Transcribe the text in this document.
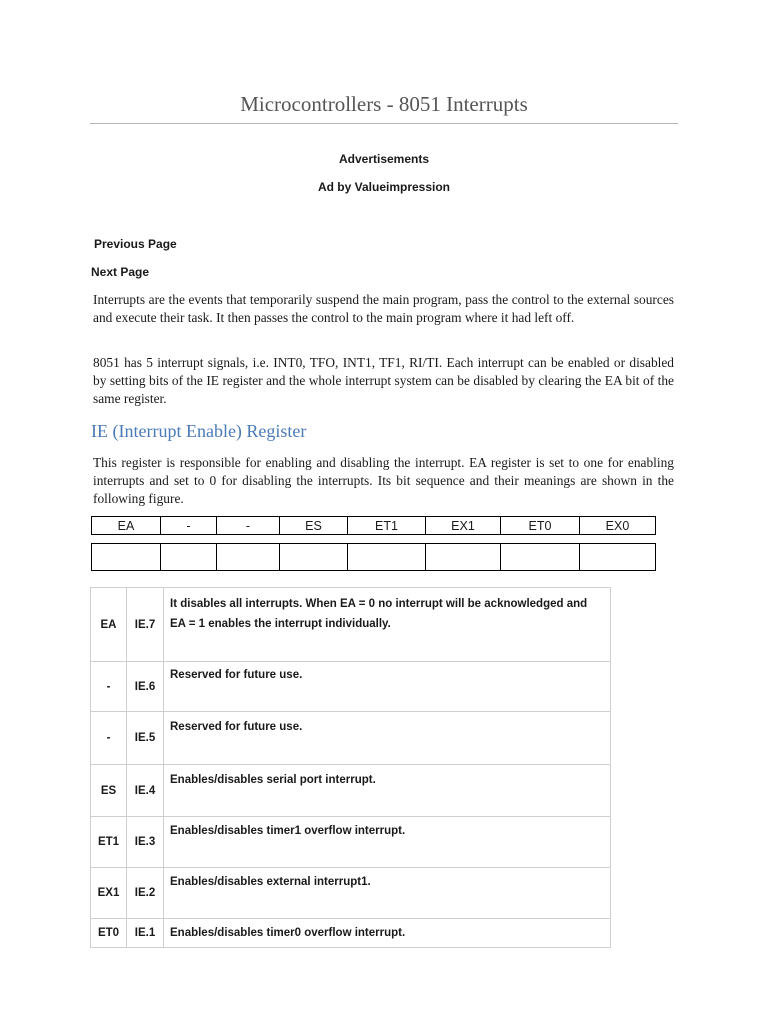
Microcontrollers - 8051 Interrupts
Advertisements
Ad by Valueimpression
Previous Page
Next Page

Interrupts are the events that temporarily suspend the main program, pass the control to the external sources and execute their task. It then passes the control to the main program where it had left off.

8051 has 5 interrupt signals, i.e. INT0, TFO, INT1, TF1, RI/TI. Each interrupt can be enabled or disabled by setting bits of the IE register and the whole interrupt system can be disabled by clearing the EA bit of the same register.

IE (Interrupt Enable) Register

This register is responsible for enabling and disabling the interrupt. EA register is set to one for enabling interrupts and set to 0 for disabling the interrupts. Its bit sequence and their meanings are shown in the following figure.

EA	-	-	ES	ET1	EX1	ET0	EX0

EA	IE.7	It disables all interrupts. When EA = 0 no interrupt will be acknowledged and EA = 1 enables the interrupt individually.
-	IE.6	Reserved for future use.
-	IE.5	Reserved for future use.
ES	IE.4	Enables/disables serial port interrupt.
ET1	IE.3	Enables/disables timer1 overflow interrupt.
EX1	IE.2	Enables/disables external interrupt1.
ET0	IE.1	Enables/disables timer0 overflow interrupt.
